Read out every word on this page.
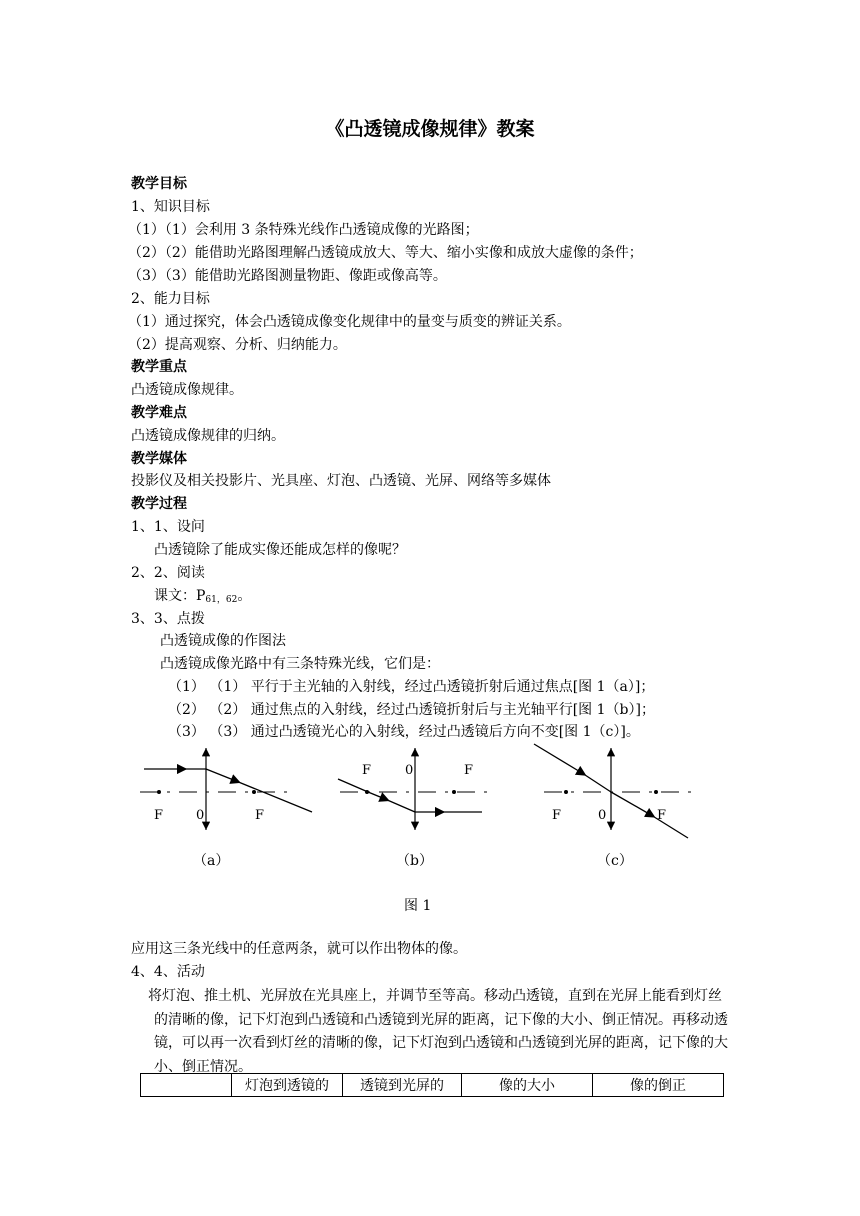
《凸透镜成像规律》教案
教学目标
1、知识目标
（1）（1）会利用 3 条特殊光线作凸透镜成像的光路图；
（2）（2）能借助光路图理解凸透镜成放大、等大、缩小实像和成放大虚像的条件；
（3）（3）能借助光路图测量物距、像距或像高等。
2、能力目标
（1）通过探究，体会凸透镜成像变化规律中的量变与质变的辨证关系。
（2）提高观察、分析、归纳能力。
教学重点
凸透镜成像规律。
教学难点
凸透镜成像规律的归纳。
教学媒体
投影仪及相关投影片、光具座、灯泡、凸透镜、光屏、网络等多媒体
教学过程
1、1、设问
凸透镜除了能成实像还能成怎样的像呢？
2、2、阅读
课文：$P_{61,62}$。
3、3、点拨
凸透镜成像的作图法
凸透镜成像光路中有三条特殊光线，它们是：
（1） （1） 平行于主光轴的入射线，经过凸透镜折射后通过焦点[图 1（a）]；
（2） （2） 通过焦点的入射线，经过凸透镜折射后与主光轴平行[图 1（b）]；
（3） （3） 通过凸透镜光心的入射线，经过凸透镜后方向不变[图 1（c）]。
F	0	F
F	0	F
F	0	F
（a）	（b）	（c）
图 1
应用这三条光线中的任意两条，就可以作出物体的像。
4、4、活动
将灯泡、推土机、光屏放在光具座上，并调节至等高。移动凸透镜，直到在光屏上能看到灯丝的清晰的像，记下灯泡到凸透镜和凸透镜到光屏的距离，记下像的大小、倒正情况。再移动透镜，可以再一次看到灯丝的清晰的像，记下灯泡到凸透镜和凸透镜到光屏的距离，记下像的大小、倒正情况。
	灯泡到透镜的	透镜到光屏的	像的大小	像的倒正
